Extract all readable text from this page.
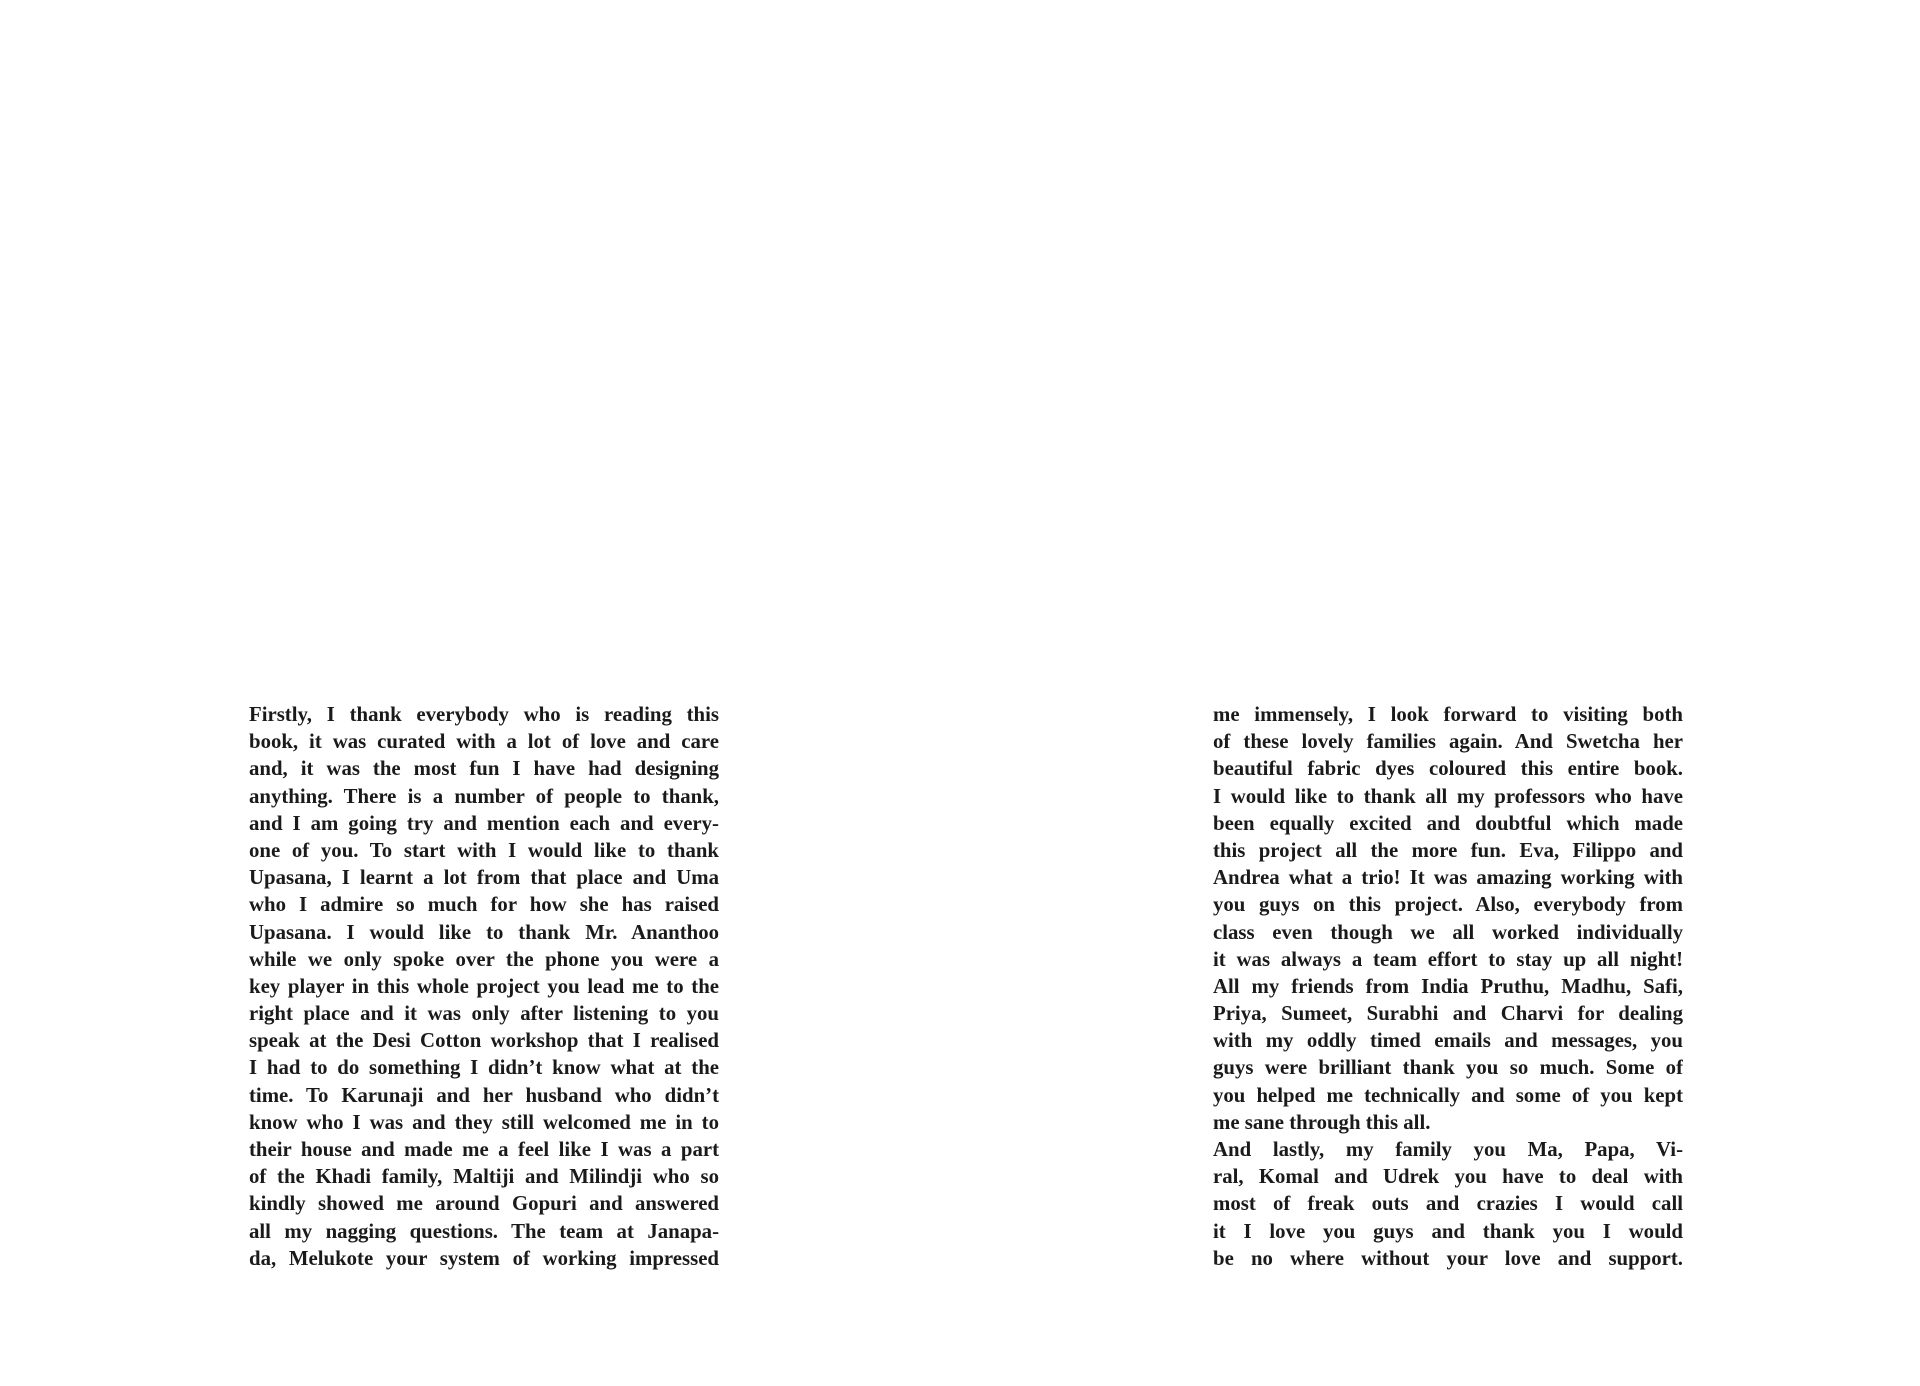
Firstly, I thank everybody who is reading this
book, it was curated with a lot of love and care
and, it was the most fun I have had designing
anything. There is a number of people to thank,
and I am going try and mention each and every-
one of you. To start with I would like to thank
Upasana, I learnt a lot from that place and Uma
who I admire so much for how she has raised
Upasana. I would like to thank Mr. Ananthoo
while we only spoke over the phone you were a
key player in this whole project you lead me to the
right place and it was only after listening to you
speak at the Desi Cotton workshop that I realised
I had to do something I didn’t know what at the
time. To Karunaji and her husband who didn’t
know who I was and they still welcomed me in to
their house and made me a feel like I was a part
of the Khadi family, Maltiji and Milindji who so
kindly showed me around Gopuri and answered
all my nagging questions. The team at Janapa-
da, Melukote your system of working impressed
me immensely, I look forward to visiting both
of these lovely families again. And Swetcha her
beautiful fabric dyes coloured this entire book.
I would like to thank all my professors who have
been equally excited and doubtful which made
this project all the more fun. Eva, Filippo and
Andrea what a trio! It was amazing working with
you guys on this project. Also, everybody from
class even though we all worked individually
it was always a team effort to stay up all night!
All my friends from India Pruthu, Madhu, Safi,
Priya, Sumeet, Surabhi and Charvi for dealing
with my oddly timed emails and messages, you
guys were brilliant thank you so much. Some of
you helped me technically and some of you kept
me sane through this all.
And lastly, my family you Ma, Papa, Vi-
ral, Komal and Udrek you have to deal with
most of freak outs and crazies I would call
it I love you guys and thank you I would
be no where without your love and support.
